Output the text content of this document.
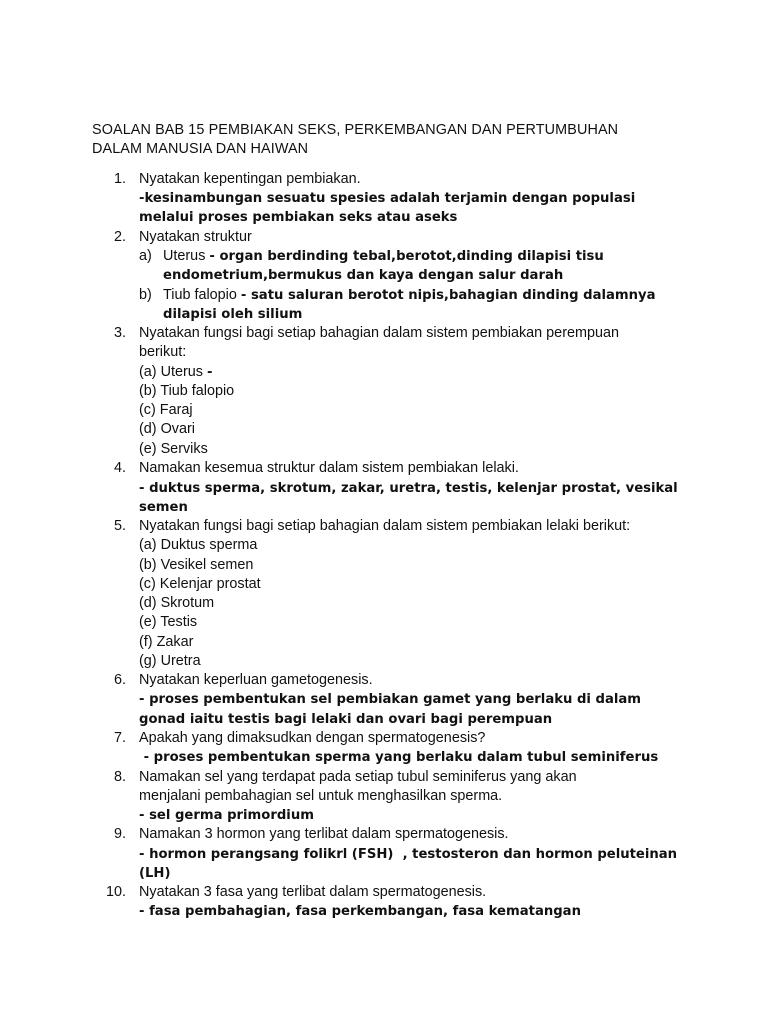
SOALAN BAB 15 PEMBIAKAN SEKS, PERKEMBANGAN DAN PERTUMBUHAN
DALAM MANUSIA DAN HAIWAN
1. Nyatakan kepentingan pembiakan.
-kesinambungan sesuatu spesies adalah terjamin dengan populasi
melalui proses pembiakan seks atau aseks
2. Nyatakan struktur
a) Uterus - organ berdinding tebal,berotot,dinding dilapisi tisu
endometrium,bermukus dan kaya dengan salur darah
b) Tiub falopio - satu saluran berotot nipis,bahagian dinding dalamnya
dilapisi oleh silium
3. Nyatakan fungsi bagi setiap bahagian dalam sistem pembiakan perempuan
berikut:
(a) Uterus -
(b) Tiub falopio
(c) Faraj
(d) Ovari
(e) Serviks
4. Namakan kesemua struktur dalam sistem pembiakan lelaki.
- duktus sperma, skrotum, zakar, uretra, testis, kelenjar prostat, vesikal
semen
5. Nyatakan fungsi bagi setiap bahagian dalam sistem pembiakan lelaki berikut:
(a) Duktus sperma
(b) Vesikel semen
(c) Kelenjar prostat
(d) Skrotum
(e) Testis
(f) Zakar
(g) Uretra
6. Nyatakan keperluan gametogenesis.
- proses pembentukan sel pembiakan gamet yang berlaku di dalam
gonad iaitu testis bagi lelaki dan ovari bagi perempuan
7. Apakah yang dimaksudkan dengan spermatogenesis?
- proses pembentukan sperma yang berlaku dalam tubul seminiferus
8. Namakan sel yang terdapat pada setiap tubul seminiferus yang akan
menjalani pembahagian sel untuk menghasilkan sperma.
- sel germa primordium
9. Namakan 3 hormon yang terlibat dalam spermatogenesis.
- hormon perangsang folikrl (FSH)  , testosteron dan hormon peluteinan
(LH)
10. Nyatakan 3 fasa yang terlibat dalam spermatogenesis.
- fasa pembahagian, fasa perkembangan, fasa kematangan
